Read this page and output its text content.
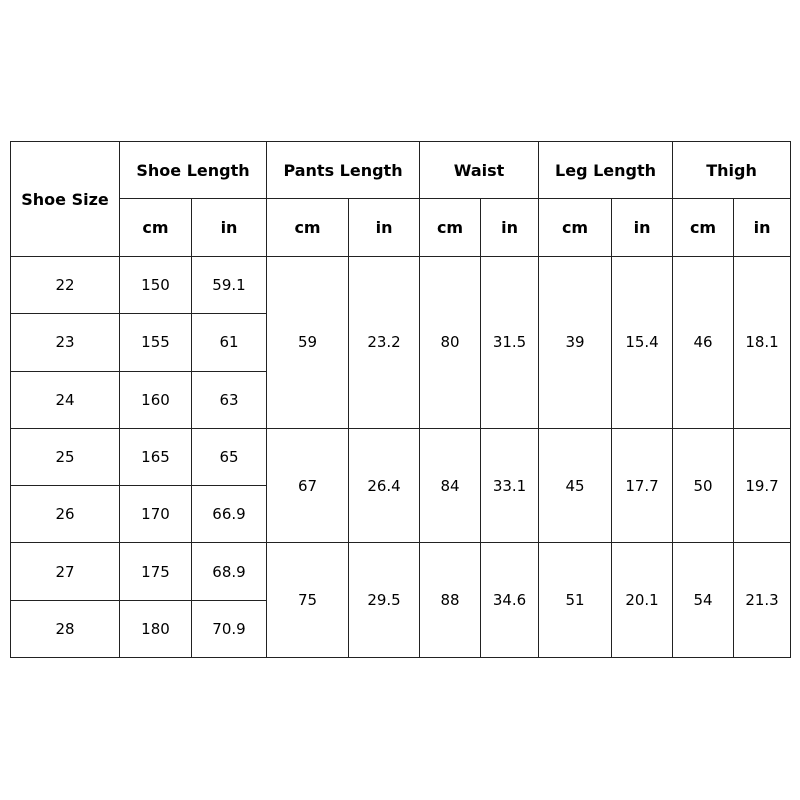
Shoe Size	Shoe Length		Pants Length		Waist		Leg Length		Thigh	
	cm	in	cm	in	cm	in	cm	in	cm	in
22	150	59.1	59	23.2	80	31.5	39	15.4	46	18.1
23	155	61								
24	160	63								
25	165	65	67	26.4	84	33.1	45	17.7	50	19.7
26	170	66.9								
27	175	68.9	75	29.5	88	34.6	51	20.1	54	21.3
28	180	70.9								
